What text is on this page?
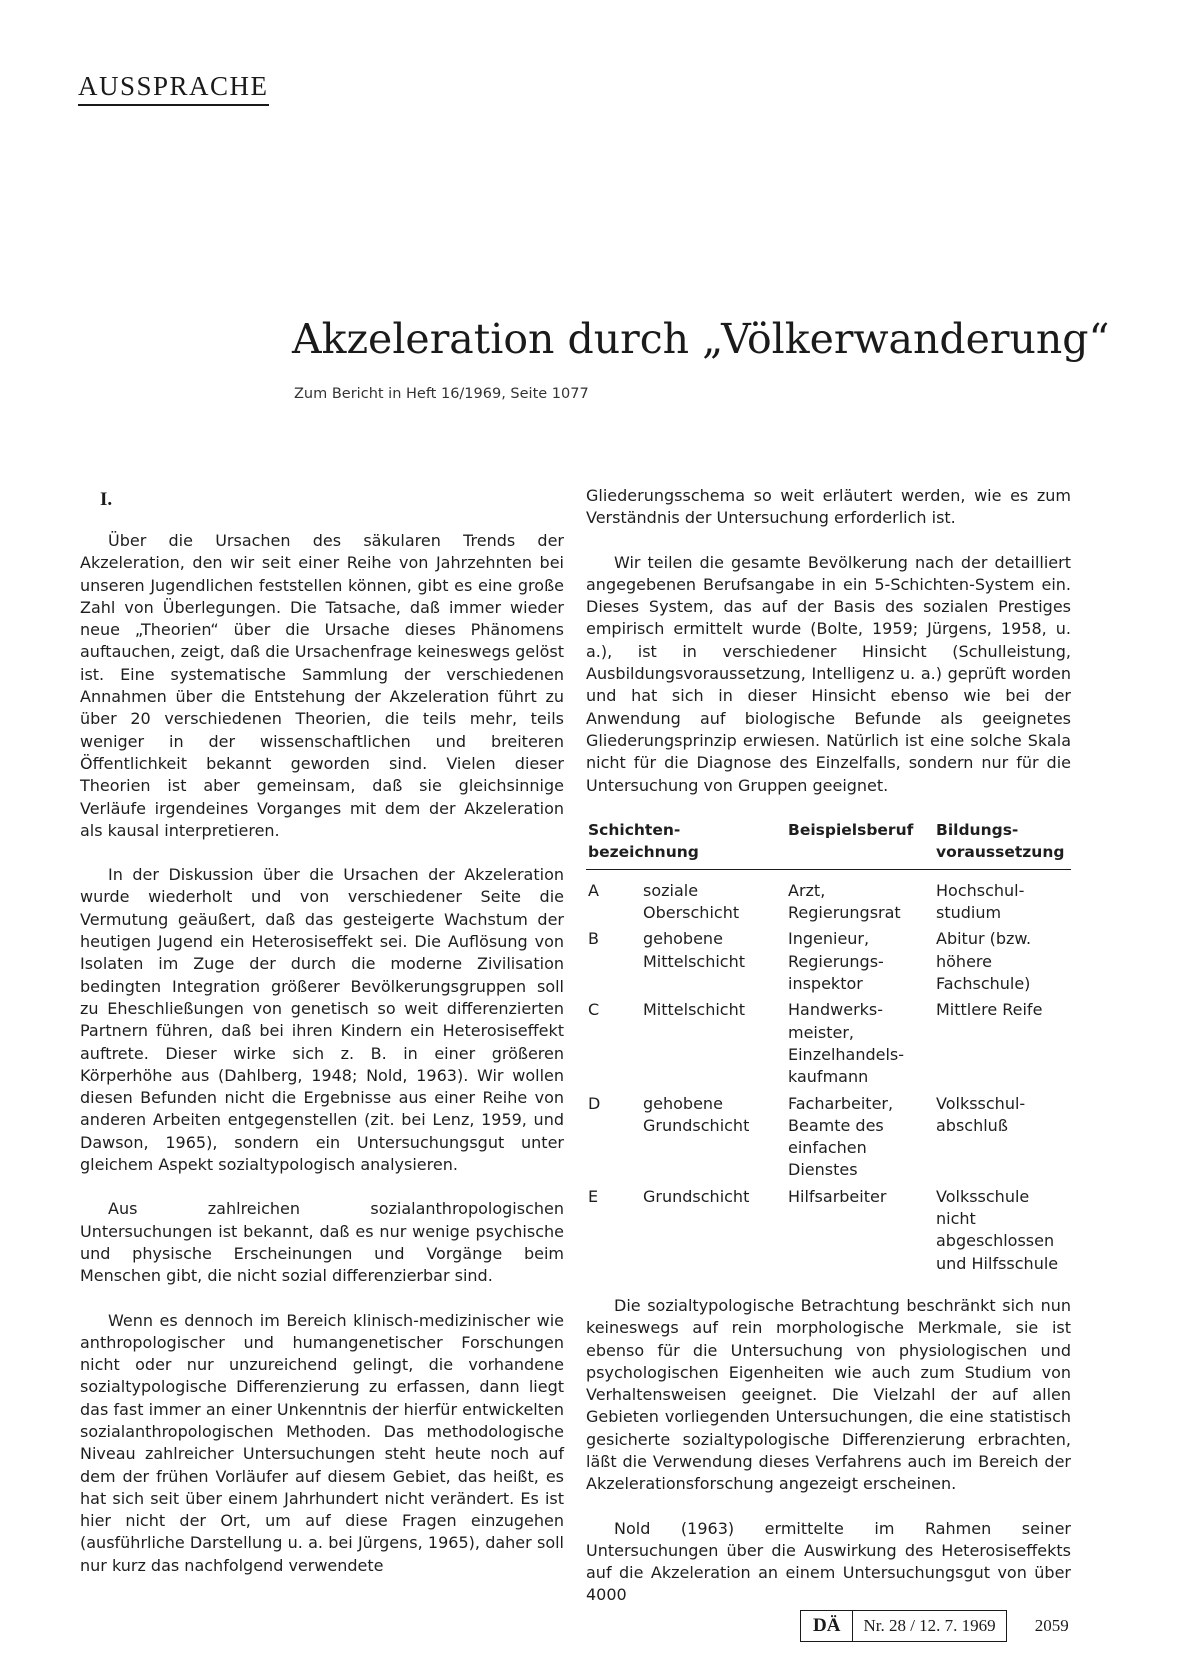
AUSSPRACHE
Akzeleration durch „Völkerwanderung“
Zum Bericht in Heft 16/1969, Seite 1077
I.

Über die Ursachen des säkularen Trends der Akzeleration, den wir seit einer Reihe von Jahrzehnten bei unseren Jugendlichen feststellen können, gibt es eine große Zahl von Überlegungen. Die Tatsache, daß immer wieder neue „Theorien“ über die Ursache dieses Phänomens auftauchen, zeigt, daß die Ursachenfrage keineswegs gelöst ist. Eine systematische Sammlung der verschiedenen Annahmen über die Entstehung der Akzeleration führt zu über 20 verschiedenen Theorien, die teils mehr, teils weniger in der wissenschaftlichen und breiteren Öffentlichkeit bekannt geworden sind. Vielen dieser Theorien ist aber gemeinsam, daß sie gleichsinnige Verläufe irgendeines Vorganges mit dem der Akzeleration als kausal interpretieren.

In der Diskussion über die Ursachen der Akzeleration wurde wiederholt und von verschiedener Seite die Vermutung geäußert, daß das gesteigerte Wachstum der heutigen Jugend ein Heterosiseffekt sei. Die Auflösung von Isolaten im Zuge der durch die moderne Zivilisation bedingten Integration größerer Bevölkerungsgruppen soll zu Eheschließungen von genetisch so weit differenzierten Partnern führen, daß bei ihren Kindern ein Heterosiseffekt auftrete. Dieser wirke sich z. B. in einer größeren Körperhöhe aus (Dahlberg, 1948; Nold, 1963). Wir wollen diesen Befunden nicht die Ergebnisse aus einer Reihe von anderen Arbeiten entgegenstellen (zit. bei Lenz, 1959, und Dawson, 1965), sondern ein Untersuchungsgut unter gleichem Aspekt sozialtypologisch analysieren.

Aus zahlreichen sozialanthropologischen Untersuchungen ist bekannt, daß es nur wenige psychische und physische Erscheinungen und Vorgänge beim Menschen gibt, die nicht sozial differenzierbar sind.

Wenn es dennoch im Bereich klinisch-medizinischer wie anthropologischer und humangenetischer Forschungen nicht oder nur unzureichend gelingt, die vorhandene sozialtypologische Differenzierung zu erfassen, dann liegt das fast immer an einer Unkenntnis der hierfür entwickelten sozialanthropologischen Methoden. Das methodologische Niveau zahlreicher Untersuchungen steht heute noch auf dem der frühen Vorläufer auf diesem Gebiet, das heißt, es hat sich seit über einem Jahrhundert nicht verändert. Es ist hier nicht der Ort, um auf diese Fragen einzugehen (ausführliche Darstellung u. a. bei Jürgens, 1965), daher soll nur kurz das nachfolgend verwendete

Gliederungsschema so weit erläutert werden, wie es zum Verständnis der Untersuchung erforderlich ist.

Wir teilen die gesamte Bevölkerung nach der detailliert angegebenen Berufsangabe in ein 5-Schichten-System ein. Dieses System, das auf der Basis des sozialen Prestiges empirisch ermittelt wurde (Bolte, 1959; Jürgens, 1958, u. a.), ist in verschiedener Hinsicht (Schulleistung, Ausbildungsvoraussetzung, Intelligenz u. a.) geprüft worden und hat sich in dieser Hinsicht ebenso wie bei der Anwendung auf biologische Befunde als geeignetes Gliederungsprinzip erwiesen. Natürlich ist eine solche Skala nicht für die Diagnose des Einzelfalls, sondern nur für die Untersuchung von Gruppen geeignet.

Schichten-bezeichnung		Beispielsberuf	Bildungs-voraussetzung
A	soziale Oberschicht	Arzt, Regierungsrat	Hochschul-studium
B	gehobene Mittelschicht	Ingenieur, Regierungs-inspektor	Abitur (bzw. höhere Fachschule)
C	Mittelschicht	Handwerks-meister, Einzelhandels-kaufmann	Mittlere Reife
D	gehobene Grundschicht	Facharbeiter, Beamte des einfachen Dienstes	Volksschul-abschluß
E	Grundschicht	Hilfsarbeiter	Volksschule nicht abgeschlossen und Hilfsschule

Die sozialtypologische Betrachtung beschränkt sich nun keineswegs auf rein morphologische Merkmale, sie ist ebenso für die Untersuchung von physiologischen und psychologischen Eigenheiten wie auch zum Studium von Verhaltensweisen geeignet. Die Vielzahl der auf allen Gebieten vorliegenden Untersuchungen, die eine statistisch gesicherte sozialtypologische Differenzierung erbrachten, läßt die Verwendung dieses Verfahrens auch im Bereich der Akzelerationsforschung angezeigt erscheinen.

Nold (1963) ermittelte im Rahmen seiner Untersuchungen über die Auswirkung des Heterosiseffekts auf die Akzeleration an einem Untersuchungsgut von über 4000

DÄ	Nr. 28 / 12. 7. 1969	2059
